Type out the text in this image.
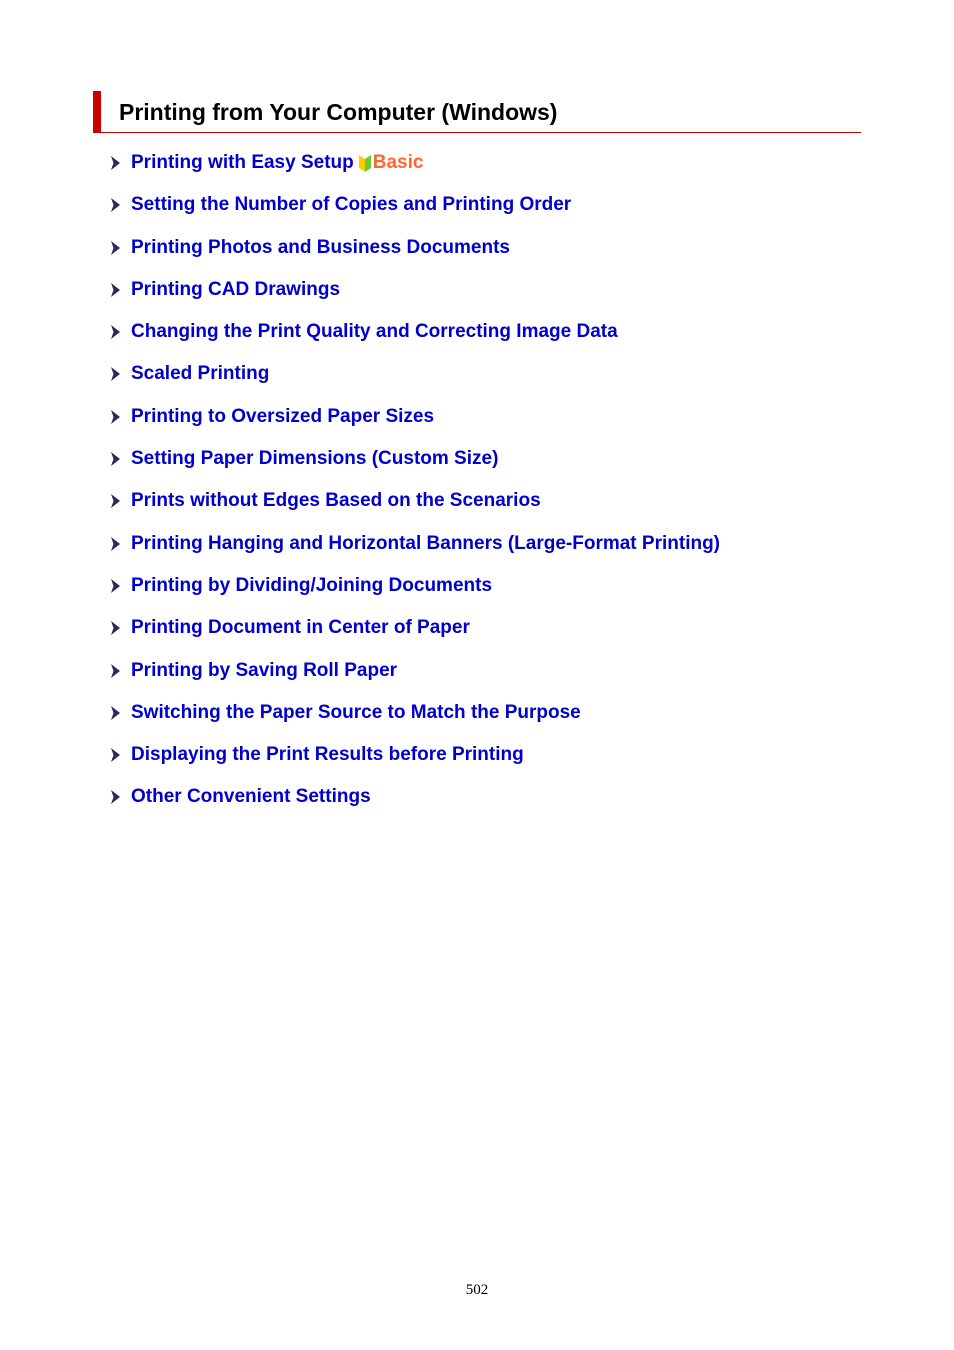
Printing from Your Computer (Windows)
Printing with Easy Setup Basic
Setting the Number of Copies and Printing Order
Printing Photos and Business Documents
Printing CAD Drawings
Changing the Print Quality and Correcting Image Data
Scaled Printing
Printing to Oversized Paper Sizes
Setting Paper Dimensions (Custom Size)
Prints without Edges Based on the Scenarios
Printing Hanging and Horizontal Banners (Large-Format Printing)
Printing by Dividing/Joining Documents
Printing Document in Center of Paper
Printing by Saving Roll Paper
Switching the Paper Source to Match the Purpose
Displaying the Print Results before Printing
Other Convenient Settings
502
